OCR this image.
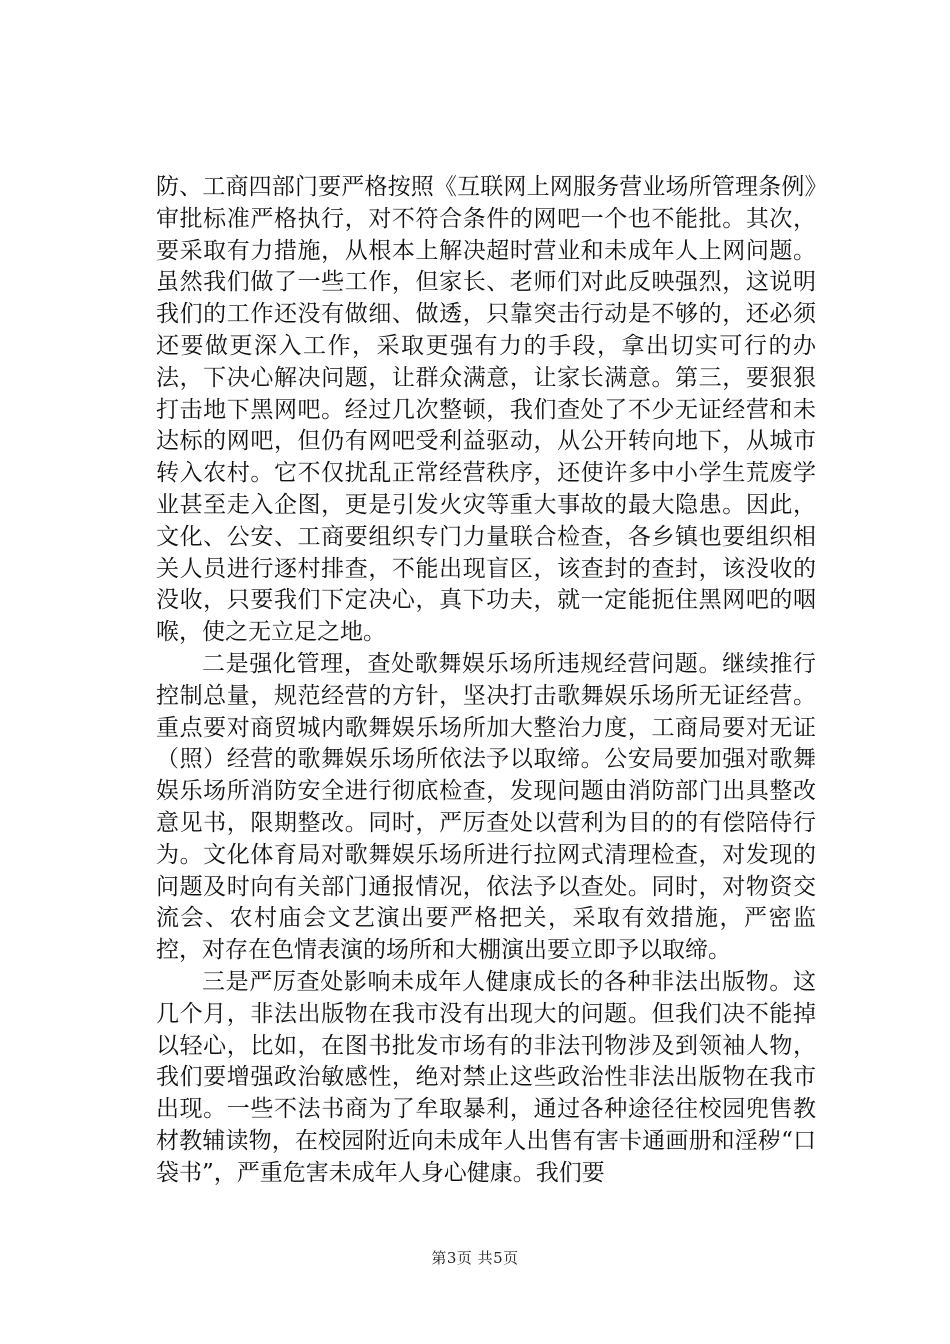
防、工商四部门要严格按照《互联网上网服务营业场所管理条例》审批标准严格执行，对不符合条件的网吧一个也不能批。其次，要采取有力措施，从根本上解决超时营业和未成年人上网问题。虽然我们做了一些工作，但家长、老师们对此反映强烈，这说明我们的工作还没有做细、做透，只靠突击行动是不够的，还必须还要做更深入工作，采取更强有力的手段，拿出切实可行的办法，下决心解决问题，让群众满意，让家长满意。第三，要狠狠打击地下黑网吧。经过几次整顿，我们查处了不少无证经营和未达标的网吧，但仍有网吧受利益驱动，从公开转向地下，从城市转入农村。它不仅扰乱正常经营秩序，还使许多中小学生荒废学业甚至走入企图，更是引发火灾等重大事故的最大隐患。因此，文化、公安、工商要组织专门力量联合检查，各乡镇也要组织相关人员进行逐村排查，不能出现盲区，该查封的查封，该没收的没收，只要我们下定决心，真下功夫，就一定能扼住黑网吧的咽喉，使之无立足之地。

二是强化管理，查处歌舞娱乐场所违规经营问题。继续推行控制总量，规范经营的方针，坚决打击歌舞娱乐场所无证经营。重点要对商贸城内歌舞娱乐场所加大整治力度，工商局要对无证（照）经营的歌舞娱乐场所依法予以取缔。公安局要加强对歌舞娱乐场所消防安全进行彻底检查，发现问题由消防部门出具整改意见书，限期整改。同时，严厉查处以营利为目的的有偿陪侍行为。文化体育局对歌舞娱乐场所进行拉网式清理检查，对发现的问题及时向有关部门通报情况，依法予以查处。同时，对物资交流会、农村庙会文艺演出要严格把关，采取有效措施，严密监控，对存在色情表演的场所和大棚演出要立即予以取缔。

三是严厉查处影响未成年人健康成长的各种非法出版物。这几个月，非法出版物在我市没有出现大的问题。但我们决不能掉以轻心，比如，在图书批发市场有的非法刊物涉及到领袖人物，我们要增强政治敏感性，绝对禁止这些政治性非法出版物在我市出现。一些不法书商为了牟取暴利，通过各种途径往校园兜售教材教辅读物，在校园附近向未成年人出售有害卡通画册和淫秽“口袋书”，严重危害未成年人身心健康。我们要

第3页 共5页
